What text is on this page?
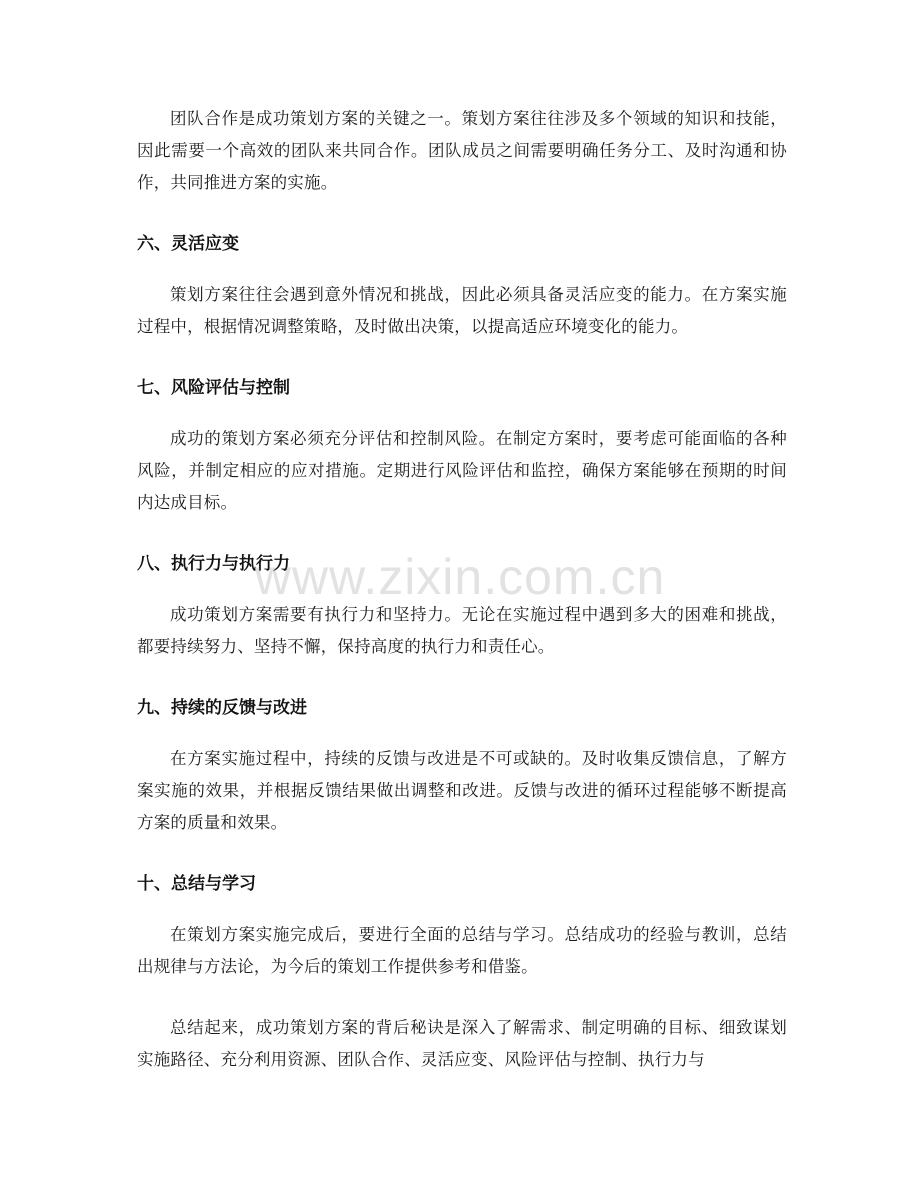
团队合作是成功策划方案的关键之一。策划方案往往涉及多个领域的知识和技能，因此需要一个高效的团队来共同合作。团队成员之间需要明确任务分工、及时沟通和协作，共同推进方案的实施。

六、灵活应变

策划方案往往会遇到意外情况和挑战，因此必须具备灵活应变的能力。在方案实施过程中，根据情况调整策略，及时做出决策，以提高适应环境变化的能力。

七、风险评估与控制

成功的策划方案必须充分评估和控制风险。在制定方案时，要考虑可能面临的各种风险，并制定相应的应对措施。定期进行风险评估和监控，确保方案能够在预期的时间内达成目标。

八、执行力与执行力

成功策划方案需要有执行力和坚持力。无论在实施过程中遇到多大的困难和挑战，都要持续努力、坚持不懈，保持高度的执行力和责任心。

九、持续的反馈与改进

在方案实施过程中，持续的反馈与改进是不可或缺的。及时收集反馈信息，了解方案实施的效果，并根据反馈结果做出调整和改进。反馈与改进的循环过程能够不断提高方案的质量和效果。

十、总结与学习

在策划方案实施完成后，要进行全面的总结与学习。总结成功的经验与教训，总结出规律与方法论，为今后的策划工作提供参考和借鉴。

总结起来，成功策划方案的背后秘诀是深入了解需求、制定明确的目标、细致谋划实施路径、充分利用资源、团队合作、灵活应变、风险评估与控制、执行力与

www.zixin.com.cn
